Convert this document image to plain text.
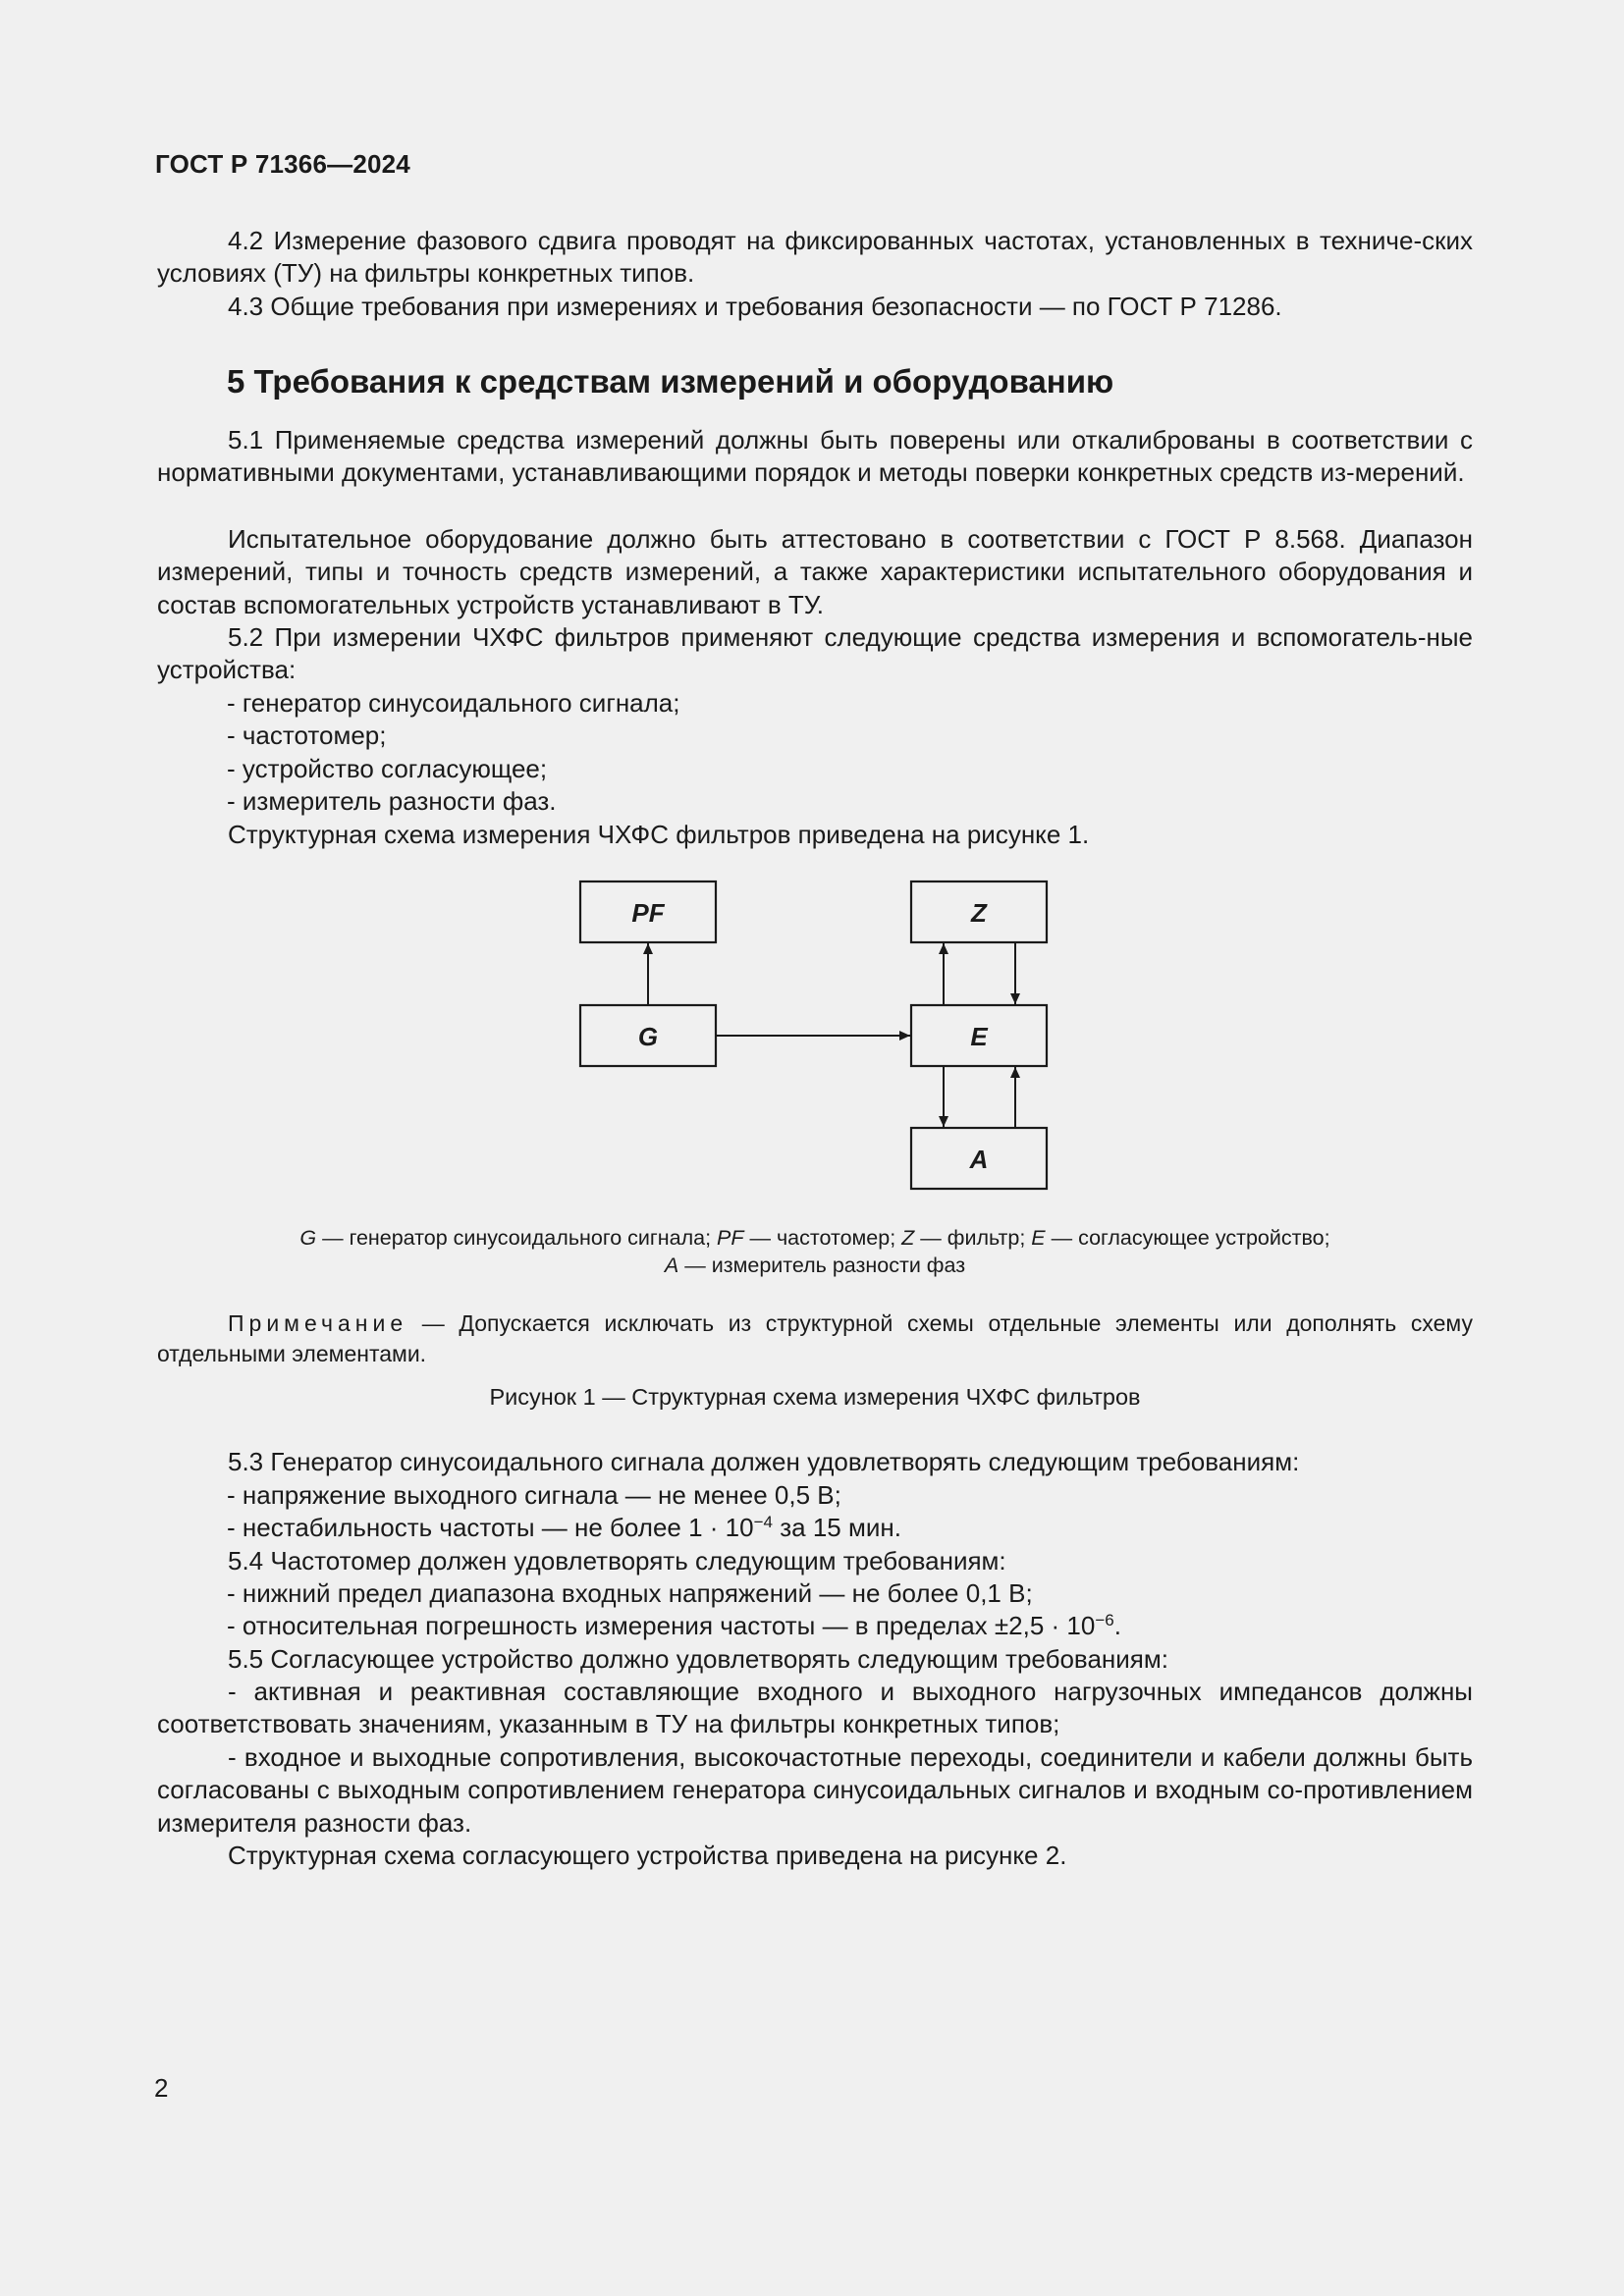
ГОСТ Р 71366—2024
4.2 Измерение фазового сдвига проводят на фиксированных частотах, установленных в техниче-ских условиях (ТУ) на фильтры конкретных типов.
4.3 Общие требования при измерениях и требования безопасности — по ГОСТ Р 71286.
5 Требования к средствам измерений и оборудованию
5.1 Применяемые средства измерений должны быть поверены или откалиброваны в соответствии с нормативными документами, устанавливающими порядок и методы поверки конкретных средств из-мерений.
Испытательное оборудование должно быть аттестовано в соответствии с ГОСТ Р 8.568. Диапазон измерений, типы и точность средств измерений, а также характеристики испытательного оборудования и состав вспомогательных устройств устанавливают в ТУ.
5.2 При измерении ЧХФС фильтров применяют следующие средства измерения и вспомогатель-ные устройства:
- генератор синусоидального сигнала;
- частотомер;
- устройство согласующее;
- измеритель разности фаз.
Структурная схема измерения ЧХФС фильтров приведена на рисунке 1.
PF	Z
G	E
A
G — генератор синусоидального сигнала; PF — частотомер; Z — фильтр; E — согласующее устройство;
A — измеритель разности фаз
Примечание — Допускается исключать из структурной схемы отдельные элементы или дополнять схему отдельными элементами.
Рисунок 1 — Структурная схема измерения ЧХФС фильтров
5.3 Генератор синусоидального сигнала должен удовлетворять следующим требованиям:
- напряжение выходного сигнала — не менее 0,5 В;
- нестабильность частоты — не более $1 \cdot 10^{-4}$ за 15 мин.
5.4 Частотомер должен удовлетворять следующим требованиям:
- нижний предел диапазона входных напряжений — не более 0,1 В;
- относительная погрешность измерения частоты — в пределах $\pm 2,5 \cdot 10^{-6}$.
5.5 Согласующее устройство должно удовлетворять следующим требованиям:
- активная и реактивная составляющие входного и выходного нагрузочных импедансов должны соответствовать значениям, указанным в ТУ на фильтры конкретных типов;
- входное и выходные сопротивления, высокочастотные переходы, соединители и кабели должны быть согласованы с выходным сопротивлением генератора синусоидальных сигналов и входным со-противлением измерителя разности фаз.
Структурная схема согласующего устройства приведена на рисунке 2.
2
